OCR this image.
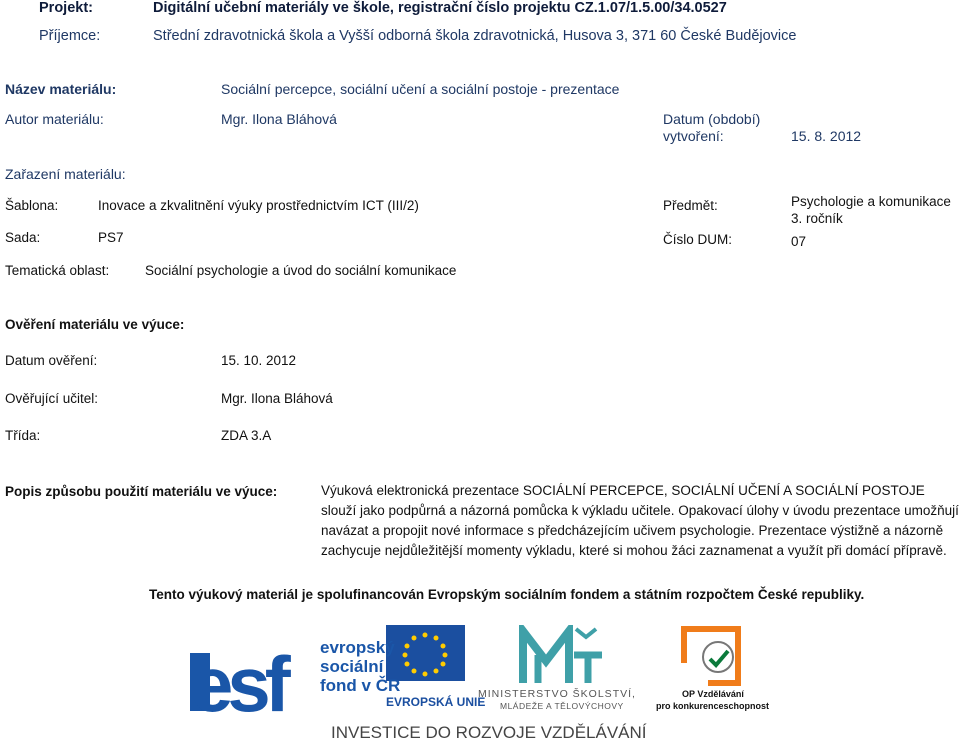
Projekt:	Digitální učební materiály ve škole, registrační číslo projektu CZ.1.07/1.5.00/34.0527
Příjemce:	Střední zdravotnická škola a Vyšší odborná škola zdravotnická, Husova 3, 371 60 České Budějovice
Název materiálu:	Sociální percepce, sociální učení a sociální postoje - prezentace
Autor materiálu:	Mgr. Ilona Bláhová	Datum (období)
vytvoření:	15. 8. 2012
Zařazení materiálu:
Šablona:	Inovace a zkvalitnění výuky prostřednictvím ICT (III/2)	Předmět:	Psychologie a komunikace
3. ročník
Sada:	PS7	Číslo DUM:	07
Tematická oblast:	Sociální psychologie a úvod do sociální komunikace
Ověření materiálu ve výuce:
Datum ověření:	15. 10. 2012
Ověřující učitel:	Mgr. Ilona Bláhová
Třída:	ZDA 3.A
Popis způsobu použití materiálu ve výuce:	Výuková elektronická prezentace SOCIÁLNÍ PERCEPCE, SOCIÁLNÍ UČENÍ A SOCIÁLNÍ POSTOJE slouží jako podpůrná a názorná pomůcka k výkladu učitele. Opakovací úlohy v úvodu prezentace umožňují navázat a propojit nové informace s předcházejícím učivem psychologie. Prezentace výstižně a názorně zachycuje nejdůležitější momenty výkladu, které si mohou žáci zaznamenat a využít při domácí přípravě.
Tento výukový materiál je spolufinancován Evropským sociálním fondem a státním rozpočtem České republiky.
esf	evropský
sociální
fond v ČR
EVROPSKÁ UNIE
MINISTERSTVO ŠKOLSTVÍ,
MLÁDEŽE A TĚLOVÝCHOVY
OP Vzdělávání
pro konkurenceschopnost
INVESTICE DO ROZVOJE VZDĚLÁVÁNÍ
